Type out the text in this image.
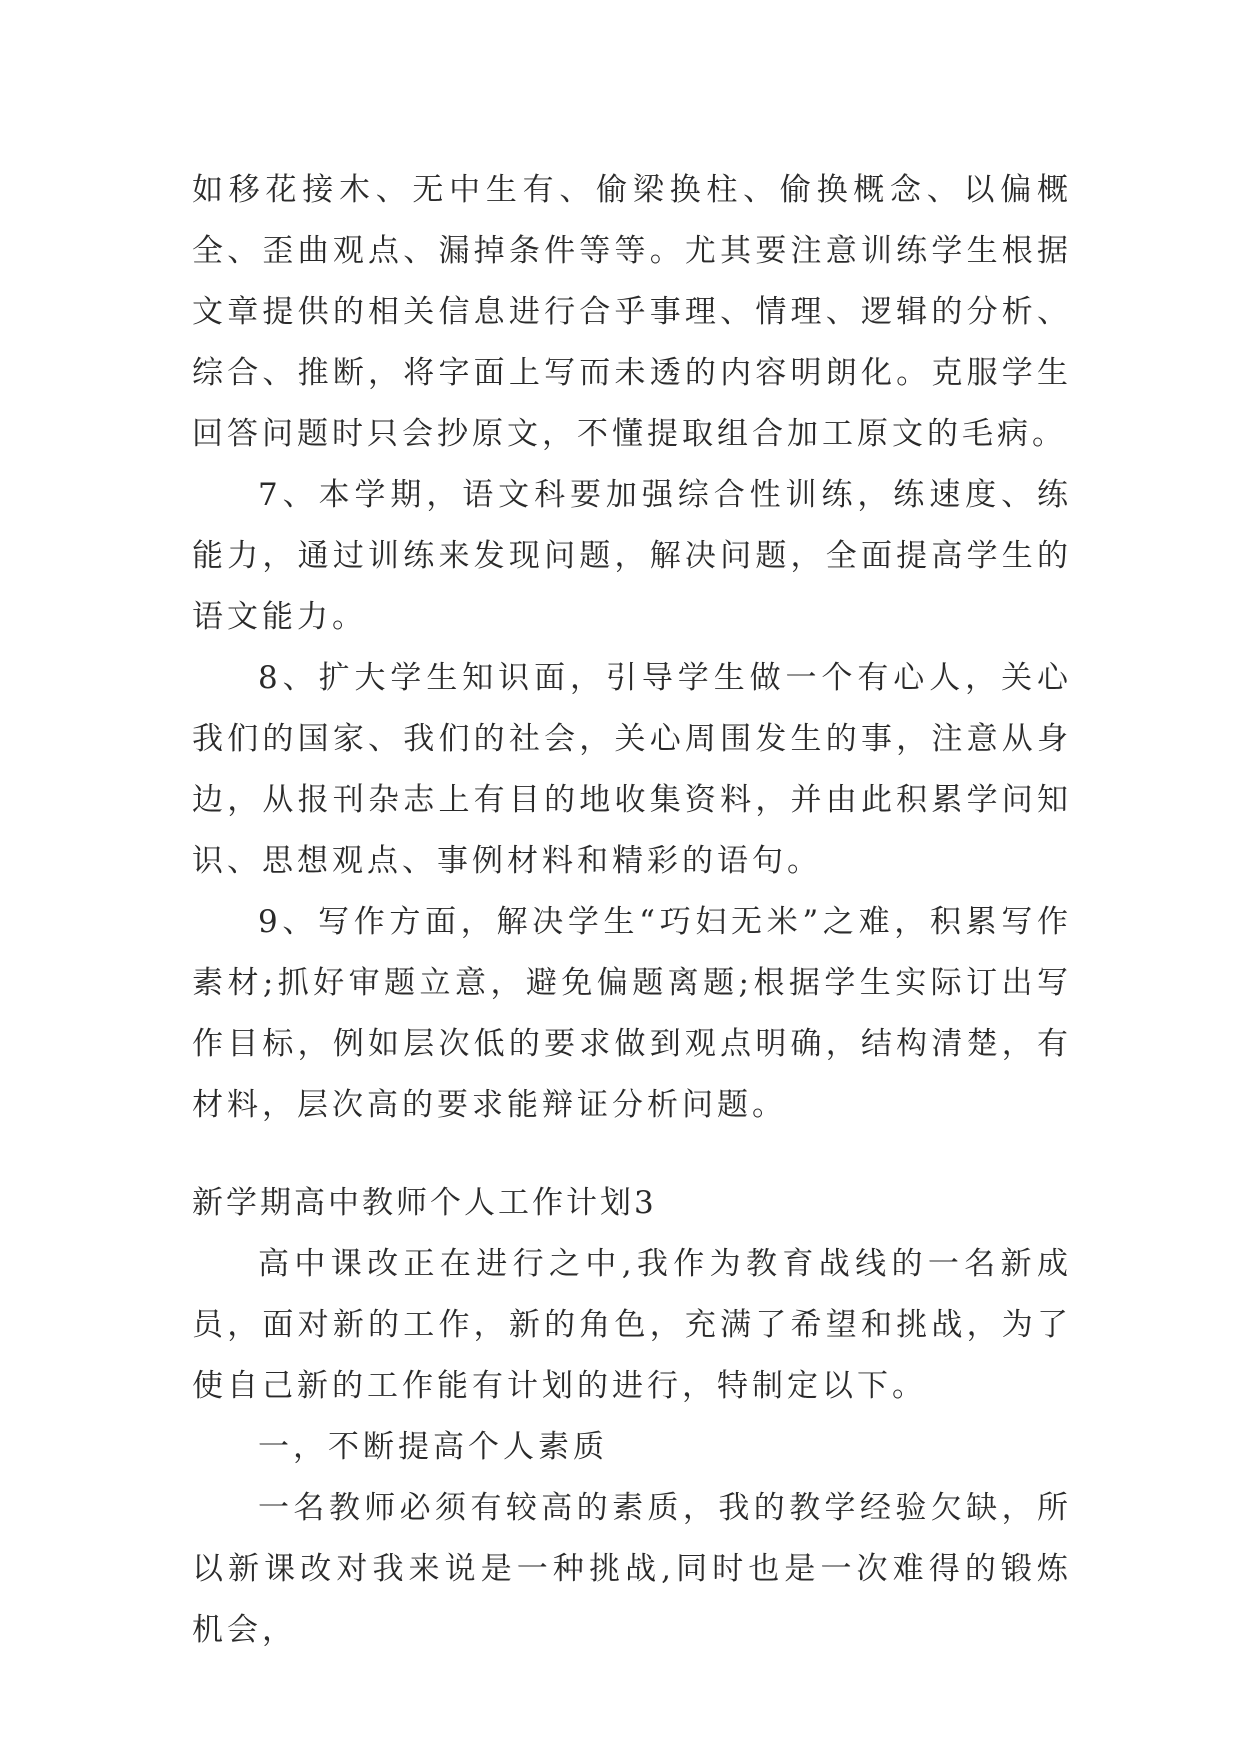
如移花接木、无中生有、偷梁换柱、偷换概念、以偏概全、歪曲观点、漏掉条件等等。尤其要注意训练学生根据文章提供的相关信息进行合乎事理、情理、逻辑的分析、综合、推断，将字面上写而未透的内容明朗化。克服学生回答问题时只会抄原文，不懂提取组合加工原文的毛病。

7、本学期，语文科要加强综合性训练，练速度、练能力，通过训练来发现问题，解决问题，全面提高学生的语文能力。

8、扩大学生知识面，引导学生做一个有心人，关心我们的国家、我们的社会，关心周围发生的事，注意从身边，从报刊杂志上有目的地收集资料，并由此积累学问知识、思想观点、事例材料和精彩的语句。

9、写作方面，解决学生“巧妇无米”之难，积累写作素材;抓好审题立意，避免偏题离题;根据学生实际订出写作目标，例如层次低的要求做到观点明确，结构清楚，有材料，层次高的要求能辩证分析问题。

新学期高中教师个人工作计划3

高中课改正在进行之中,我作为教育战线的一名新成员，面对新的工作，新的角色，充满了希望和挑战，为了使自己新的工作能有计划的进行，特制定以下。

一，不断提高个人素质

一名教师必须有较高的素质，我的教学经验欠缺，所以新课改对我来说是一种挑战,同时也是一次难得的锻炼机会，
